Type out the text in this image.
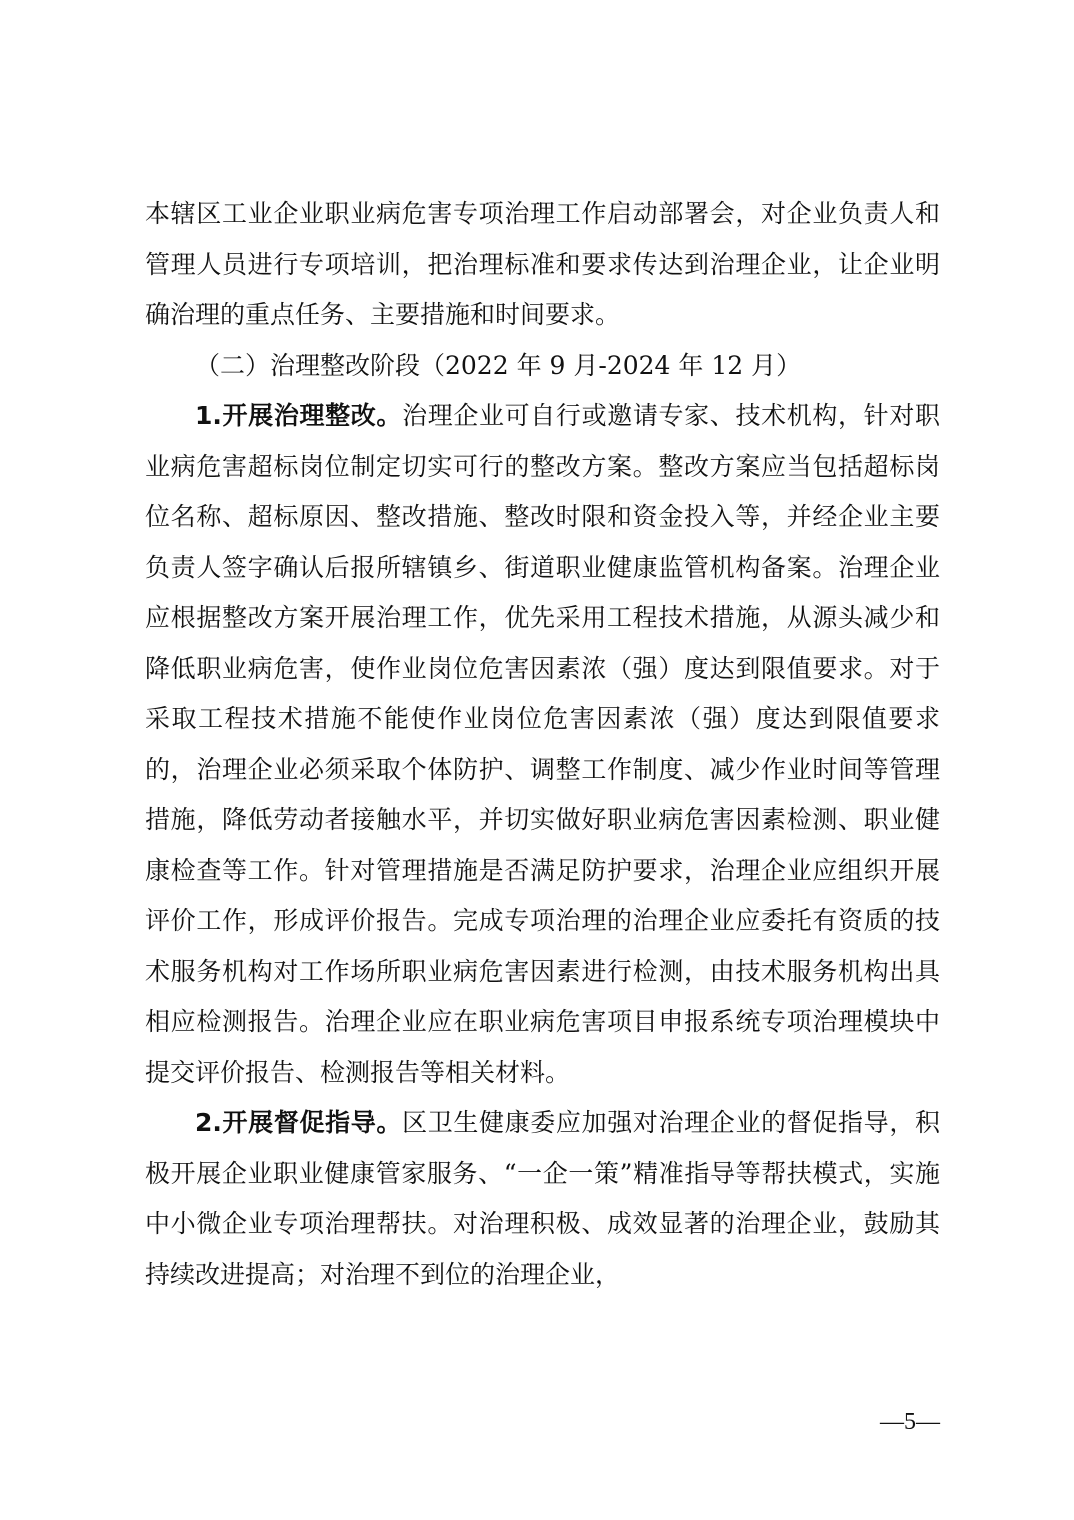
本辖区工业企业职业病危害专项治理工作启动部署会，对企业负责人和管理人员进行专项培训，把治理标准和要求传达到治理企业，让企业明确治理的重点任务、主要措施和时间要求。

（二）治理整改阶段（2022 年 9 月-2024 年 12 月）

1.开展治理整改。治理企业可自行或邀请专家、技术机构，针对职业病危害超标岗位制定切实可行的整改方案。整改方案应当包括超标岗位名称、超标原因、整改措施、整改时限和资金投入等，并经企业主要负责人签字确认后报所辖镇乡、街道职业健康监管机构备案。治理企业应根据整改方案开展治理工作，优先采用工程技术措施，从源头减少和降低职业病危害，使作业岗位危害因素浓（强）度达到限值要求。对于采取工程技术措施不能使作业岗位危害因素浓（强）度达到限值要求的，治理企业必须采取个体防护、调整工作制度、减少作业时间等管理措施，降低劳动者接触水平，并切实做好职业病危害因素检测、职业健康检查等工作。针对管理措施是否满足防护要求，治理企业应组织开展评价工作，形成评价报告。完成专项治理的治理企业应委托有资质的技术服务机构对工作场所职业病危害因素进行检测，由技术服务机构出具相应检测报告。治理企业应在职业病危害项目申报系统专项治理模块中提交评价报告、检测报告等相关材料。

2.开展督促指导。区卫生健康委应加强对治理企业的督促指导，积极开展企业职业健康管家服务、“一企一策”精准指导等帮扶模式，实施中小微企业专项治理帮扶。对治理积极、成效显著的治理企业，鼓励其持续改进提高；对治理不到位的治理企业，

—5—
